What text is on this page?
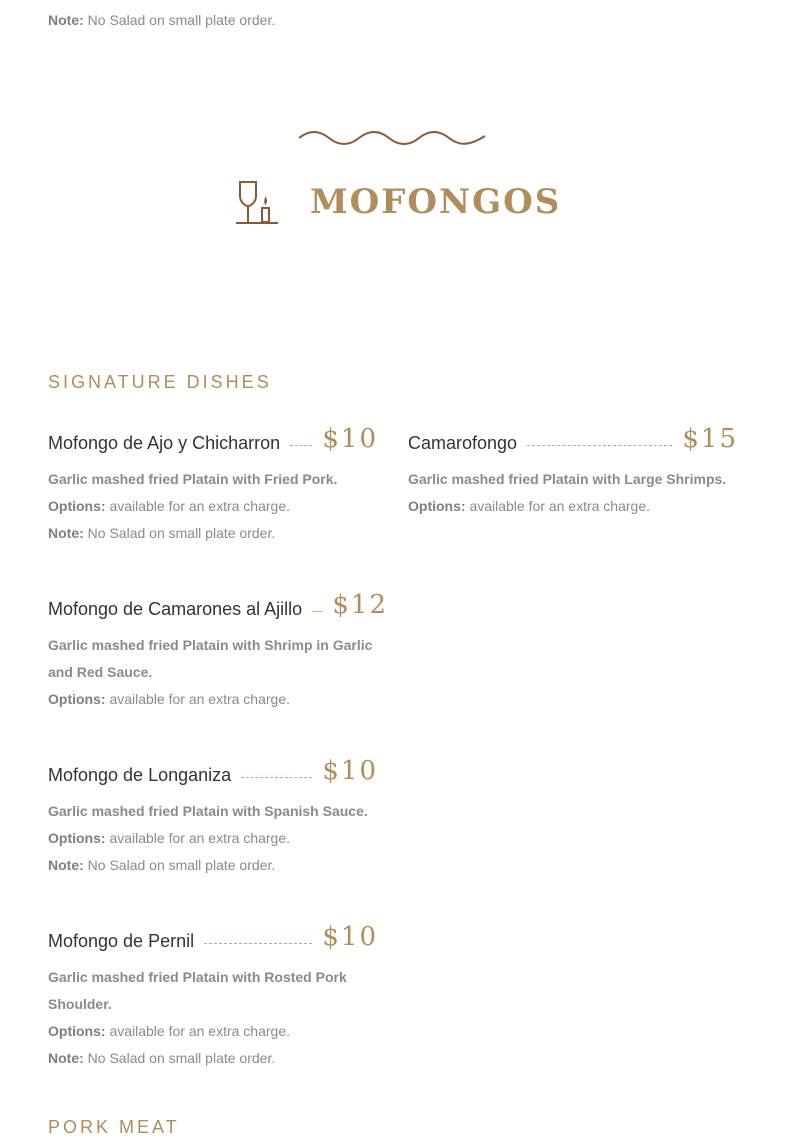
Note: No Salad on small plate order.
MOFONGOS
SIGNATURE DISHES
Mofongo de Ajo y Chicharron $10
Garlic mashed fried Platain with Fried Pork.
Options: available for an extra charge.
Note: No Salad on small plate order.
Camarofongo	$15
Garlic mashed fried Platain with Large Shrimps.
Options: available for an extra charge.
Mofongo de Camarones al Ajillo $12
Garlic mashed fried Platain with Shrimp in Garlic and Red Sauce.
Options: available for an extra charge.
Mofongo de Longaniza	$10
Garlic mashed fried Platain with Spanish Sauce.
Options: available for an extra charge.
Note: No Salad on small plate order.
Mofongo de Pernil	$10
Garlic mashed fried Platain with Rosted Pork Shoulder.
Options: available for an extra charge.
Note: No Salad on small plate order.
PORK MEAT
